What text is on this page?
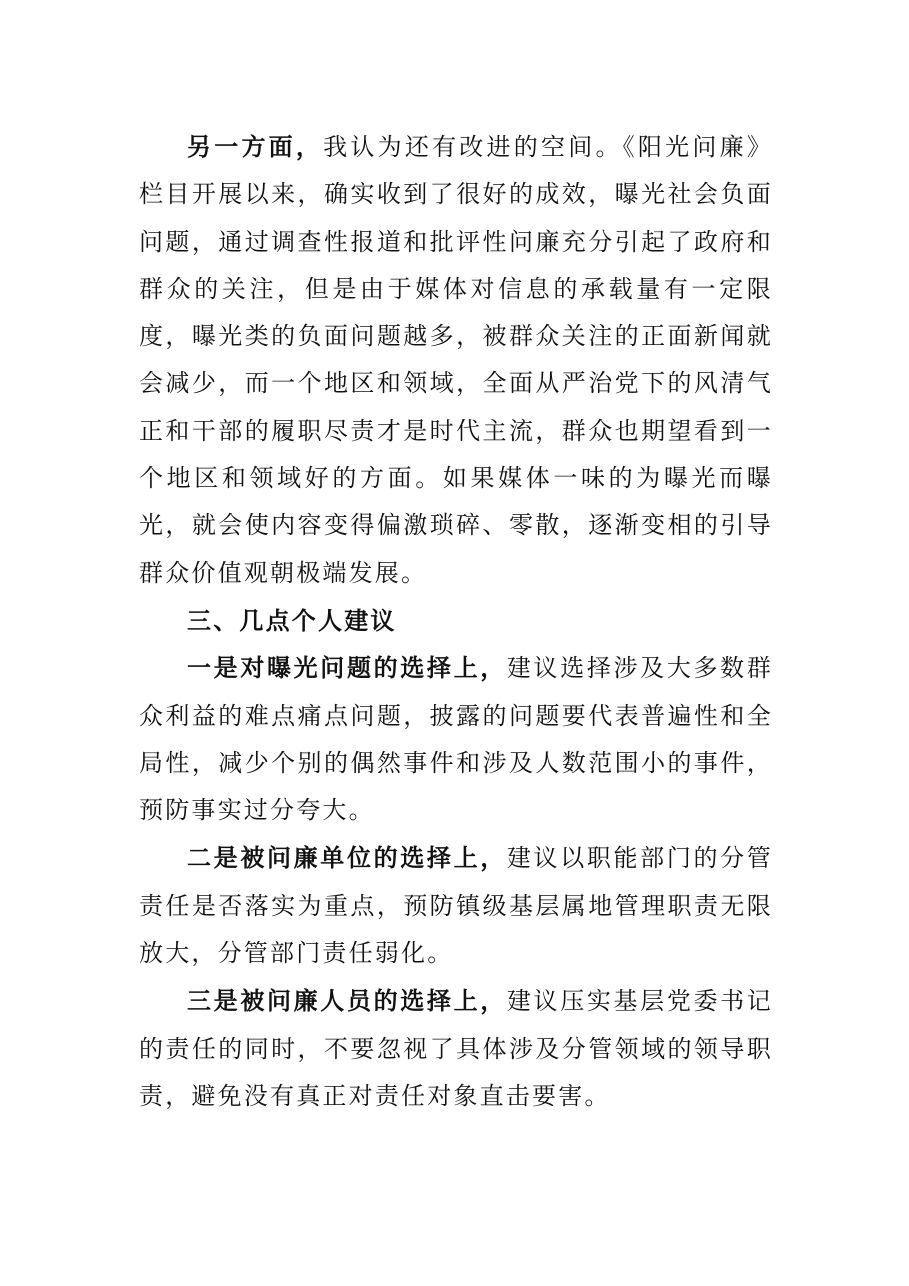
另一方面，我认为还有改进的空间。《阳光问廉》栏目开展以来，确实收到了很好的成效，曝光社会负面问题，通过调查性报道和批评性问廉充分引起了政府和群众的关注，但是由于媒体对信息的承载量有一定限度，曝光类的负面问题越多，被群众关注的正面新闻就会减少，而一个地区和领域，全面从严治党下的风清气正和干部的履职尽责才是时代主流，群众也期望看到一个地区和领域好的方面。如果媒体一味的为曝光而曝光，就会使内容变得偏激琐碎、零散，逐渐变相的引导群众价值观朝极端发展。

三、几点个人建议

一是对曝光问题的选择上，建议选择涉及大多数群众利益的难点痛点问题，披露的问题要代表普遍性和全局性，减少个别的偶然事件和涉及人数范围小的事件，预防事实过分夸大。

二是被问廉单位的选择上，建议以职能部门的分管责任是否落实为重点，预防镇级基层属地管理职责无限放大，分管部门责任弱化。

三是被问廉人员的选择上，建议压实基层党委书记的责任的同时，不要忽视了具体涉及分管领域的领导职责，避免没有真正对责任对象直击要害。
